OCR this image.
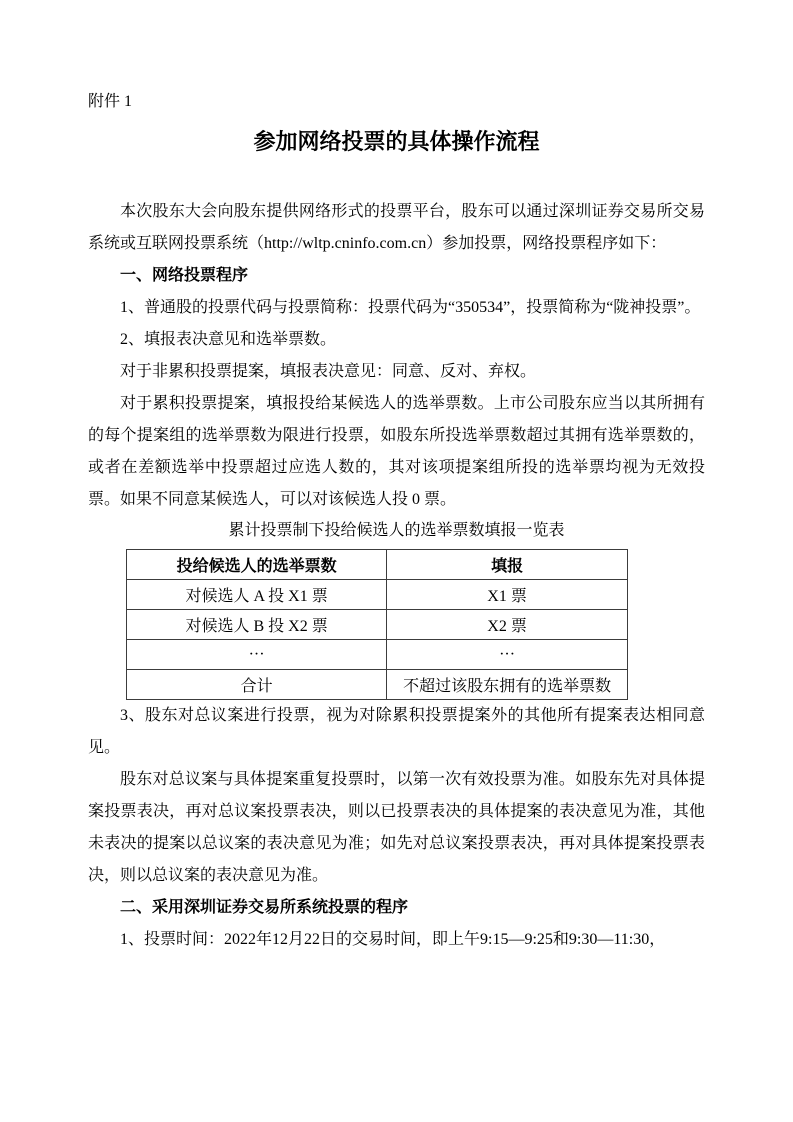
附件 1

参加网络投票的具体操作流程

本次股东大会向股东提供网络形式的投票平台，股东可以通过深圳证券交易所交易系统或互联网投票系统（http://wltp.cninfo.com.cn）参加投票，网络投票程序如下：

一、网络投票程序

1、普通股的投票代码与投票简称：投票代码为“350534”，投票简称为“陇神投票”。

2、填报表决意见和选举票数。

对于非累积投票提案，填报表决意见：同意、反对、弃权。

对于累积投票提案，填报投给某候选人的选举票数。上市公司股东应当以其所拥有的每个提案组的选举票数为限进行投票，如股东所投选举票数超过其拥有选举票数的，或者在差额选举中投票超过应选人数的，其对该项提案组所投的选举票均视为无效投票。如果不同意某候选人，可以对该候选人投 0 票。

累计投票制下投给候选人的选举票数填报一览表

投给候选人的选举票数	填报
对候选人 A 投 X1 票	X1 票
对候选人 B 投 X2 票	X2 票
···	···
合计	不超过该股东拥有的选举票数

3、股东对总议案进行投票，视为对除累积投票提案外的其他所有提案表达相同意见。

股东对总议案与具体提案重复投票时，以第一次有效投票为准。如股东先对具体提案投票表决，再对总议案投票表决，则以已投票表决的具体提案的表决意见为准，其他未表决的提案以总议案的表决意见为准；如先对总议案投票表决，再对具体提案投票表决，则以总议案的表决意见为准。

二、采用深圳证券交易所系统投票的程序

1、投票时间：2022年12月22日的交易时间，即上午9:15—9:25和9:30—11:30，
